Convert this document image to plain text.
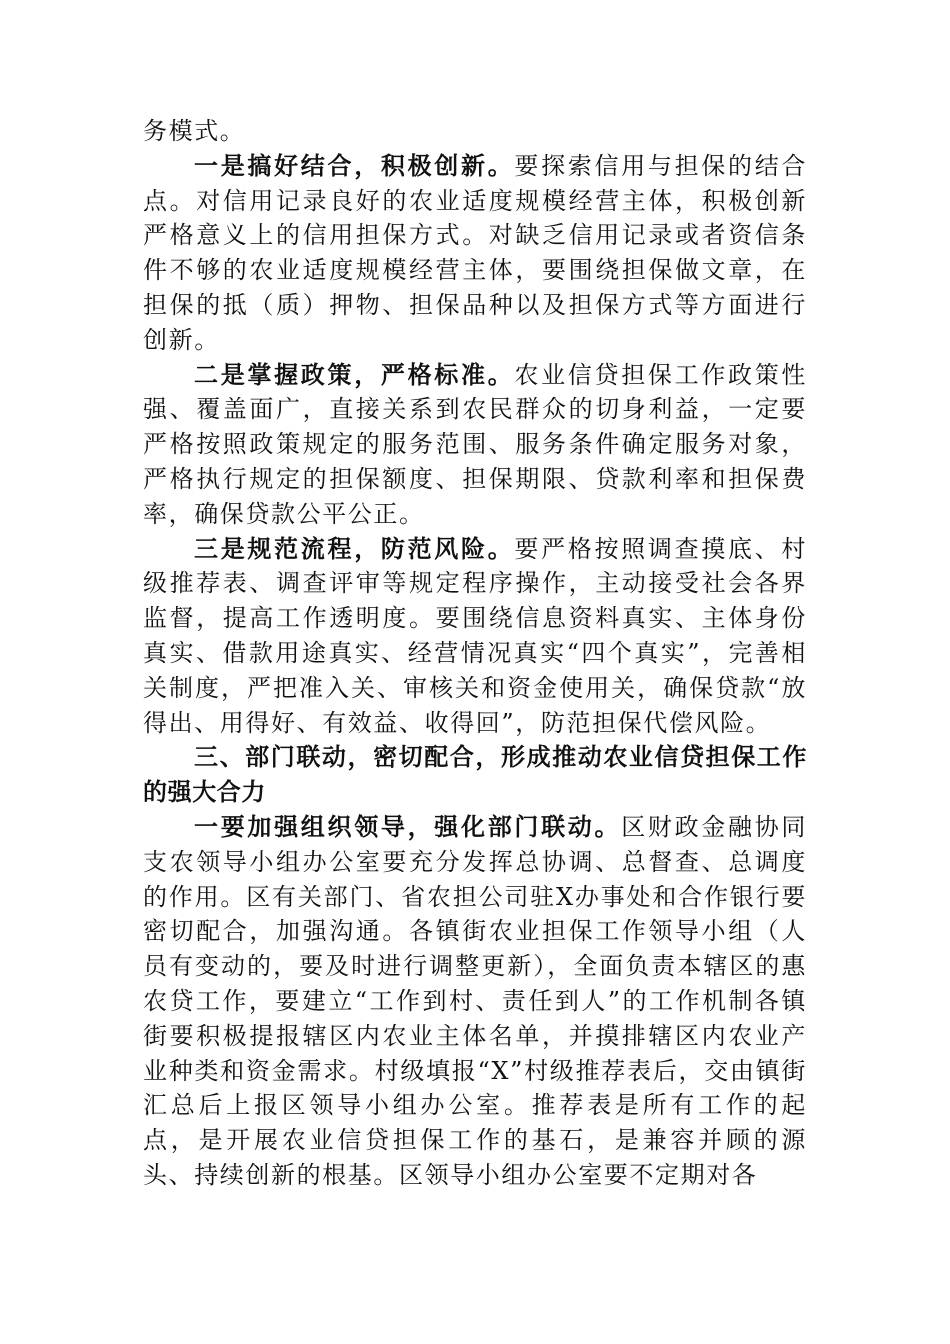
务模式。

一是搞好结合，积极创新。要探索信用与担保的结合点。对信用记录良好的农业适度规模经营主体，积极创新严格意义上的信用担保方式。对缺乏信用记录或者资信条件不够的农业适度规模经营主体，要围绕担保做文章，在担保的抵（质）押物、担保品种以及担保方式等方面进行创新。

二是掌握政策，严格标准。农业信贷担保工作政策性强、覆盖面广，直接关系到农民群众的切身利益，一定要严格按照政策规定的服务范围、服务条件确定服务对象，严格执行规定的担保额度、担保期限、贷款利率和担保费率，确保贷款公平公正。

三是规范流程，防范风险。要严格按照调查摸底、村级推荐表、调查评审等规定程序操作，主动接受社会各界监督，提高工作透明度。要围绕信息资料真实、主体身份真实、借款用途真实、经营情况真实“四个真实”，完善相关制度，严把准入关、审核关和资金使用关，确保贷款“放得出、用得好、有效益、收得回”，防范担保代偿风险。

三、部门联动，密切配合，形成推动农业信贷担保工作的强大合力

一要加强组织领导，强化部门联动。区财政金融协同支农领导小组办公室要充分发挥总协调、总督查、总调度的作用。区有关部门、省农担公司驻X办事处和合作银行要密切配合，加强沟通。各镇街农业担保工作领导小组（人员有变动的，要及时进行调整更新），全面负责本辖区的惠农贷工作，要建立“工作到村、责任到人”的工作机制各镇街要积极提报辖区内农业主体名单，并摸排辖区内农业产业种类和资金需求。村级填报“X”村级推荐表后，交由镇街汇总后上报区领导小组办公室。推荐表是所有工作的起点，是开展农业信贷担保工作的基石，是兼容并顾的源头、持续创新的根基。区领导小组办公室要不定期对各
